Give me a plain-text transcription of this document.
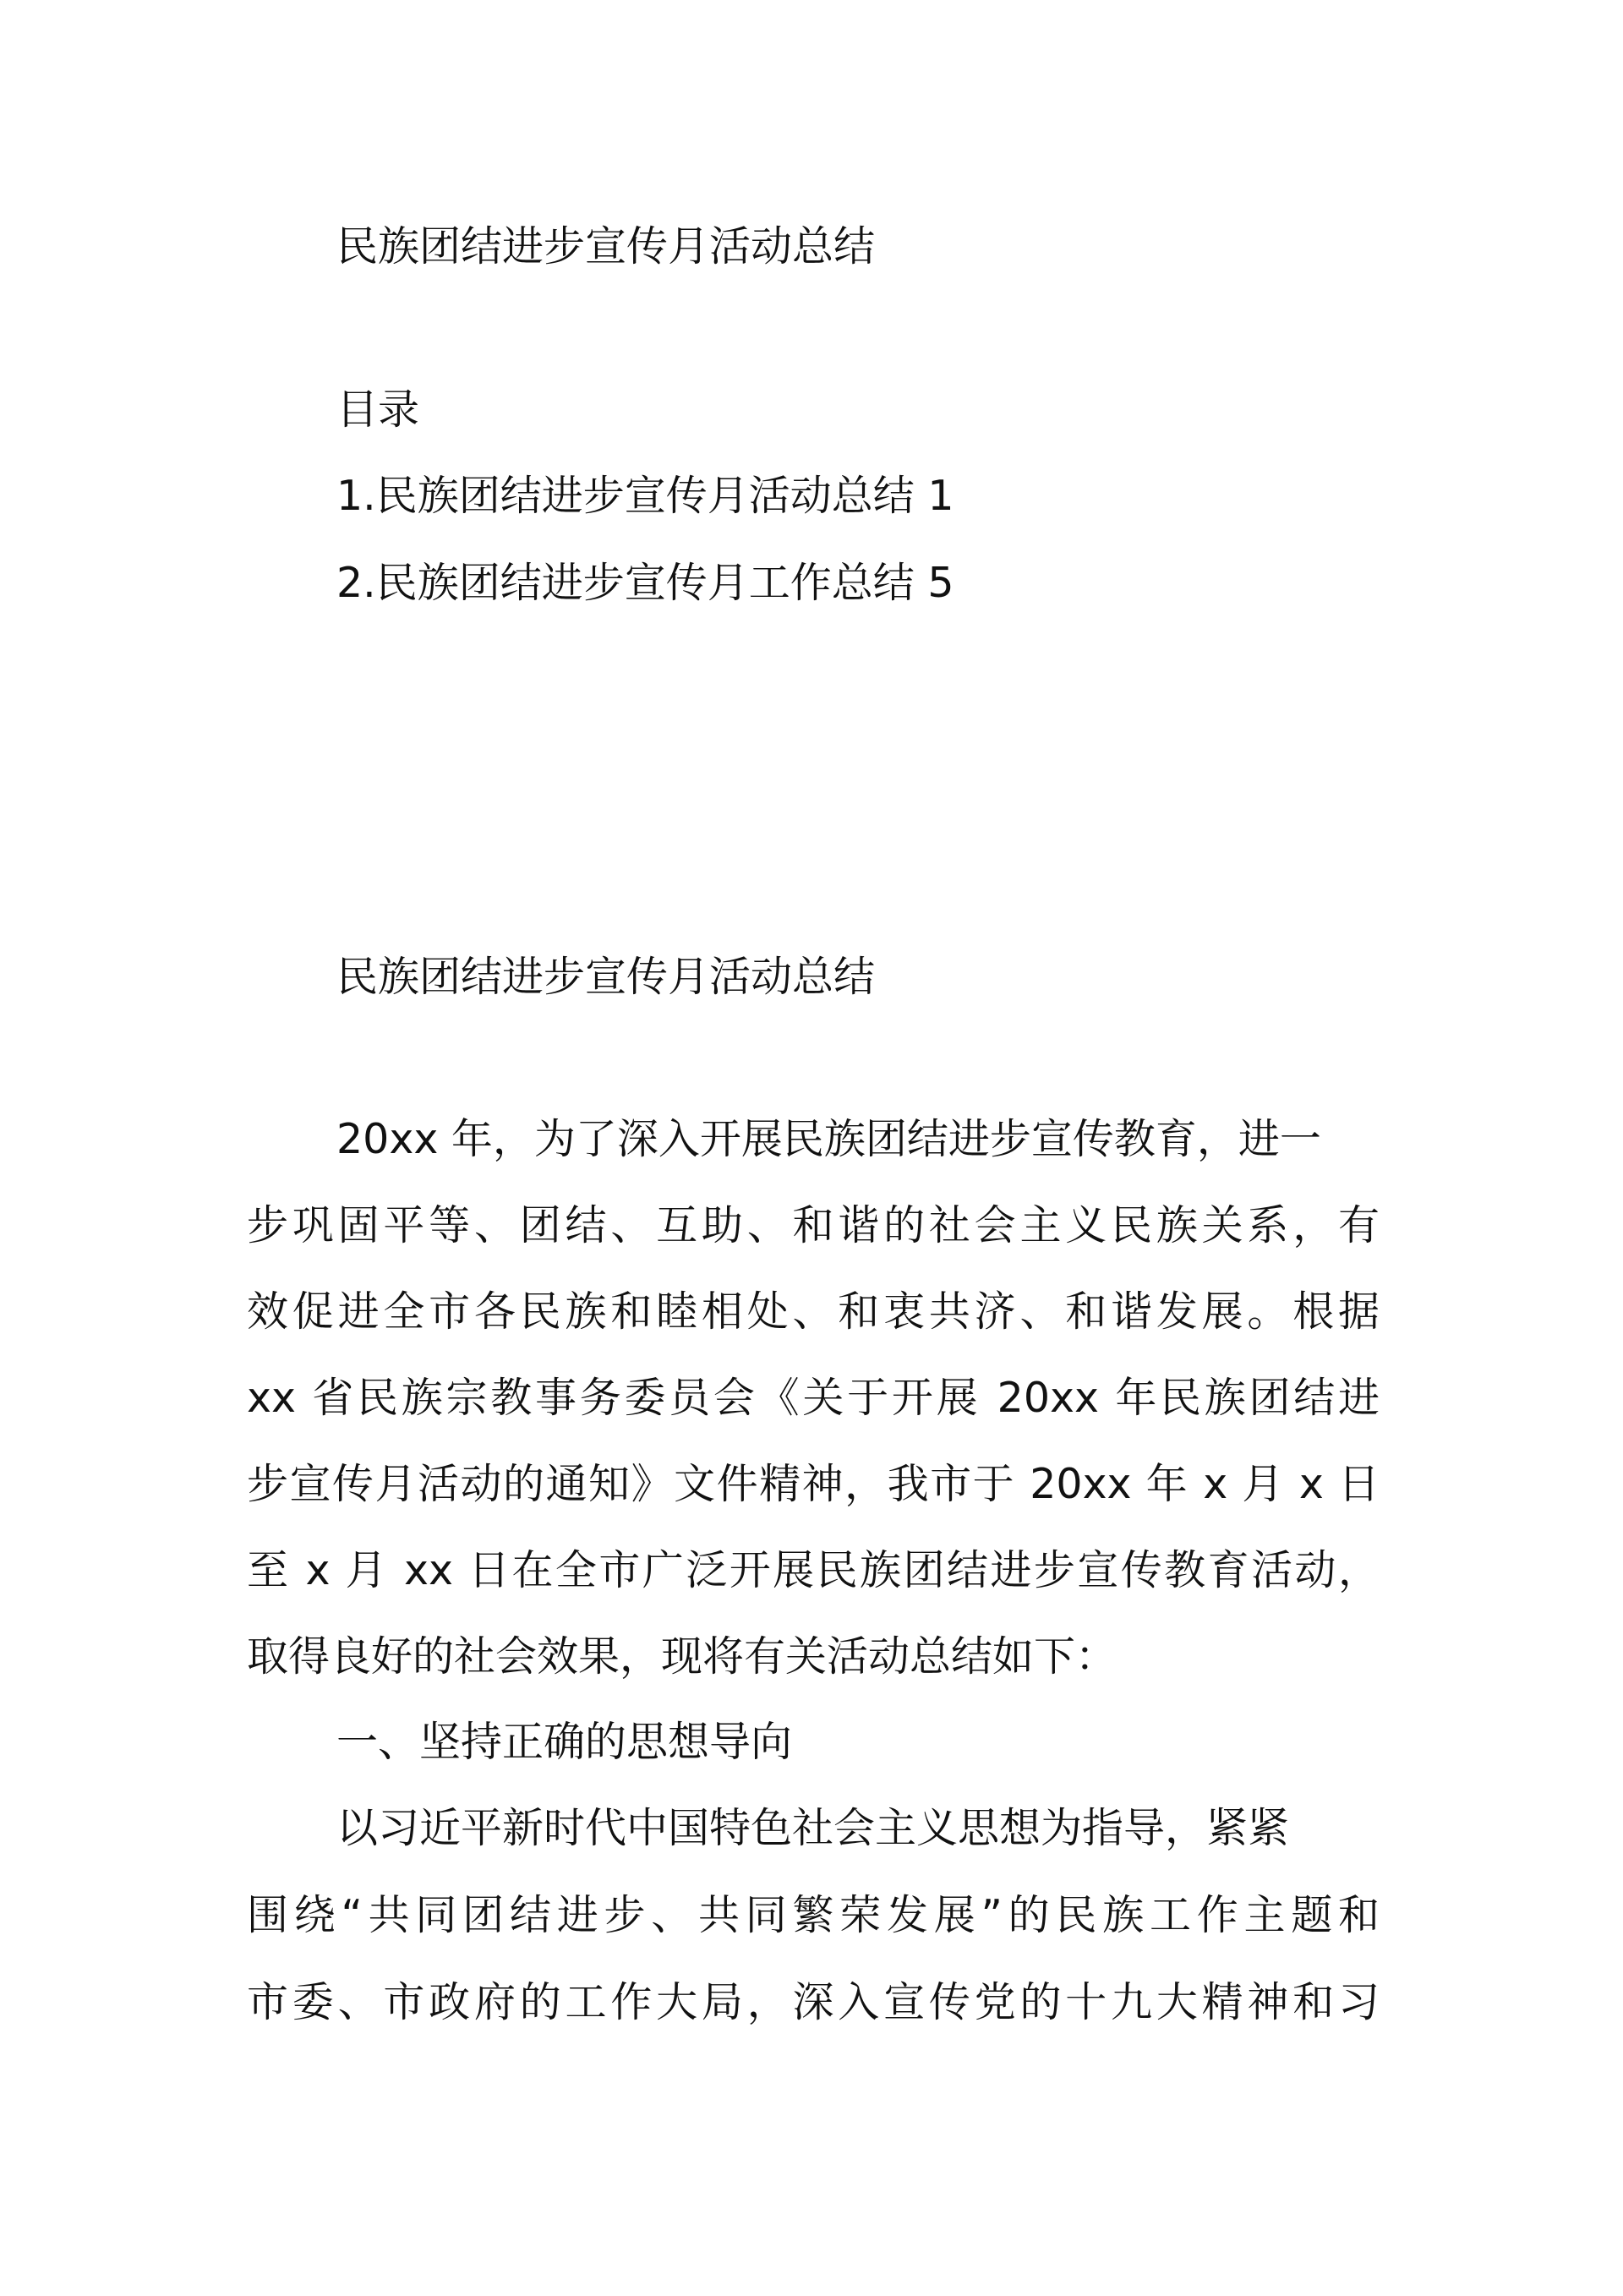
民族团结进步宣传月活动总结
目录
1.民族团结进步宣传月活动总结 1
2.民族团结进步宣传月工作总结 5
民族团结进步宣传月活动总结
20xx 年，为了深入开展民族团结进步宣传教育，进一
步巩固平等、团结、互助、和谐的社会主义民族关系，有
效促进全市各民族和睦相处、和衷共济、和谐发展。根据
xx 省民族宗教事务委员会《关于开展 20xx 年民族团结进
步宣传月活动的通知》文件精神，我市于 20xx 年 x 月 x 日
至 x 月 xx 日在全市广泛开展民族团结进步宣传教育活动，
取得良好的社会效果，现将有关活动总结如下：
一、坚持正确的思想导向
以习近平新时代中国特色社会主义思想为指导，紧紧
围绕“共同团结进步、共同繁荣发展”的民族工作主题和
市委、市政府的工作大局，深入宣传党的十九大精神和习
